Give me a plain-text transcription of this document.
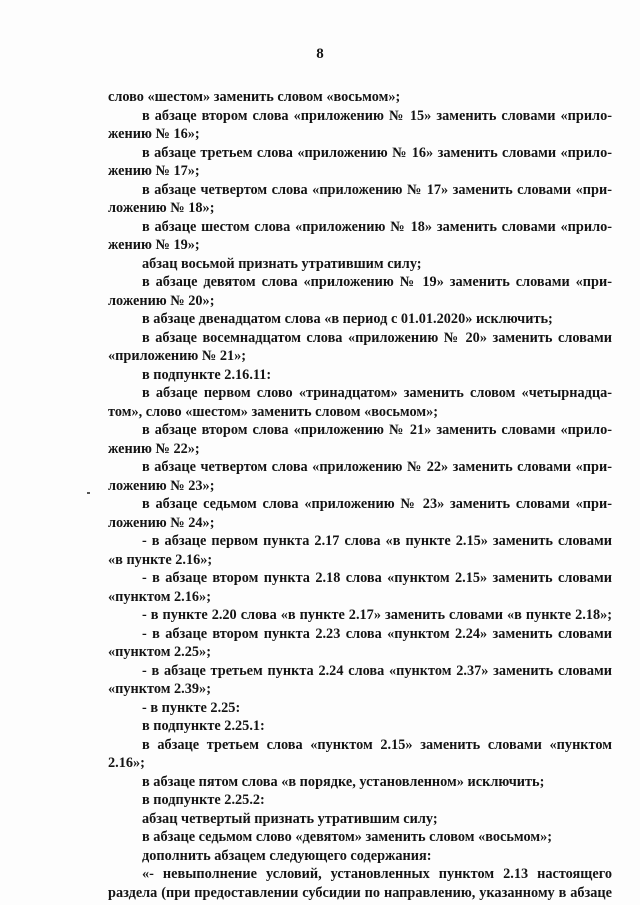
8
слово «шестом» заменить словом «восьмом»;
в абзаце втором слова «приложению № 15» заменить словами «прило-
жению № 16»;
в абзаце третьем слова «приложению № 16» заменить словами «прило-
жению № 17»;
в абзаце четвертом слова «приложению № 17» заменить словами «при-
ложению № 18»;
в абзаце шестом слова «приложению № 18» заменить словами «прило-
жению № 19»;
абзац восьмой признать утратившим силу;
в абзаце девятом слова «приложению № 19» заменить словами «при-
ложению № 20»;
в абзаце двенадцатом слова «в период с 01.01.2020» исключить;
в абзаце восемнадцатом слова «приложению № 20» заменить словами
«приложению № 21»;
в подпункте 2.16.11:
в абзаце первом слово «тринадцатом» заменить словом «четырнадца-
том», слово «шестом» заменить словом «восьмом»;
в абзаце втором слова «приложению № 21» заменить словами «прило-
жению № 22»;
в абзаце четвертом слова «приложению № 22» заменить словами «при-
ложению № 23»;
в абзаце седьмом слова «приложению № 23» заменить словами «при-
ложению № 24»;
- в абзаце первом пункта 2.17 слова «в пункте 2.15» заменить словами
«в пункте 2.16»;
- в абзаце втором пункта 2.18 слова «пунктом 2.15» заменить словами
«пунктом 2.16»;
- в пункте 2.20 слова «в пункте 2.17» заменить словами «в пункте 2.18»;
- в абзаце втором пункта 2.23 слова «пунктом 2.24» заменить словами
«пунктом 2.25»;
- в абзаце третьем пункта 2.24 слова «пунктом 2.37» заменить словами
«пунктом 2.39»;
- в пункте 2.25:
в подпункте 2.25.1:
в абзаце третьем слова «пунктом 2.15» заменить словами «пунктом
2.16»;
в абзаце пятом слова «в порядке, установленном» исключить;
в подпункте 2.25.2:
абзац четвертый признать утратившим силу;
в абзаце седьмом слово «девятом» заменить словом «восьмом»;
дополнить абзацем следующего содержания:
«- невыполнение условий, установленных пунктом 2.13 настоящего
раздела (при предоставлении субсидии по направлению, указанному в абзаце
